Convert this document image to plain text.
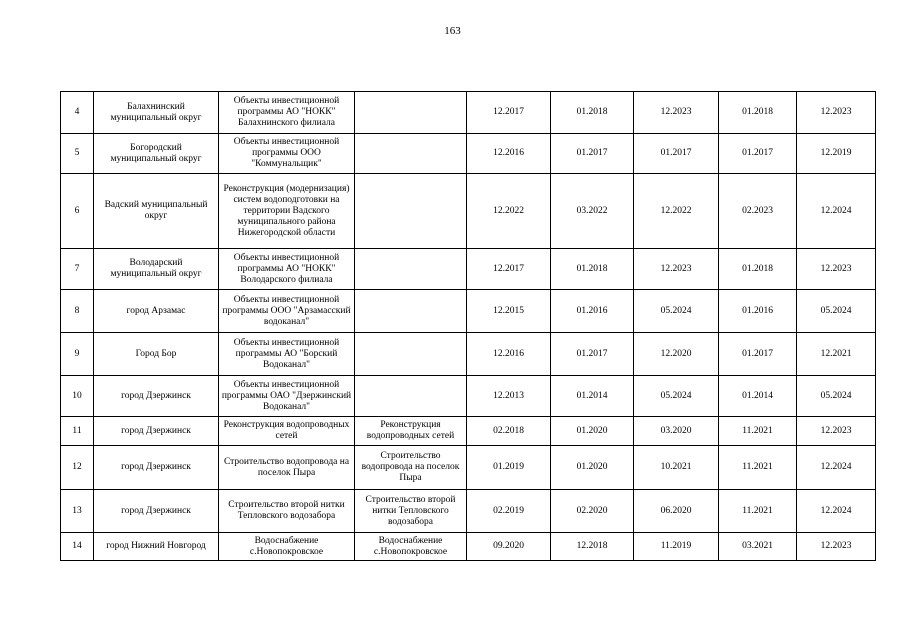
163
4	Балахнинский муниципальный округ	Объекты инвестиционной программы АО "НОКК" Балахнинского филиала		12.2017	01.2018	12.2023	01.2018	12.2023
5	Богородский муниципальный округ	Объекты инвестиционной программы ООО "Коммунальщик"		12.2016	01.2017	01.2017	01.2017	12.2019
6	Вадский муниципальный округ	Реконструкция (модернизация) систем водоподготовки на территории Вадского муниципального района Нижегородской области		12.2022	03.2022	12.2022	02.2023	12.2024
7	Володарский муниципальный округ	Объекты инвестиционной программы АО "НОКК" Володарского филиала		12.2017	01.2018	12.2023	01.2018	12.2023
8	город Арзамас	Объекты инвестиционной программы ООО "Арзамасский водоканал"		12.2015	01.2016	05.2024	01.2016	05.2024
9	Город Бор	Объекты инвестиционной программы АО "Борский Водоканал"		12.2016	01.2017	12.2020	01.2017	12.2021
10	город Дзержинск	Объекты инвестиционной программы ОАО "Дзержинский Водоканал"		12.2013	01.2014	05.2024	01.2014	05.2024
11	город Дзержинск	Реконструкция водопроводных сетей	Реконструкция водопроводных сетей	02.2018	01.2020	03.2020	11.2021	12.2023
12	город Дзержинск	Строительство водопровода на поселок Пыра	Строительство водопровода на поселок Пыра	01.2019	01.2020	10.2021	11.2021	12.2024
13	город Дзержинск	Строительство второй нитки Тепловского водозабора	Строительство второй нитки Тепловского водозабора	02.2019	02.2020	06.2020	11.2021	12.2024
14	город Нижний Новгород	Водоснабжение с.Новопокровское	Водоснабжение с.Новопокровское	09.2020	12.2018	11.2019	03.2021	12.2023
